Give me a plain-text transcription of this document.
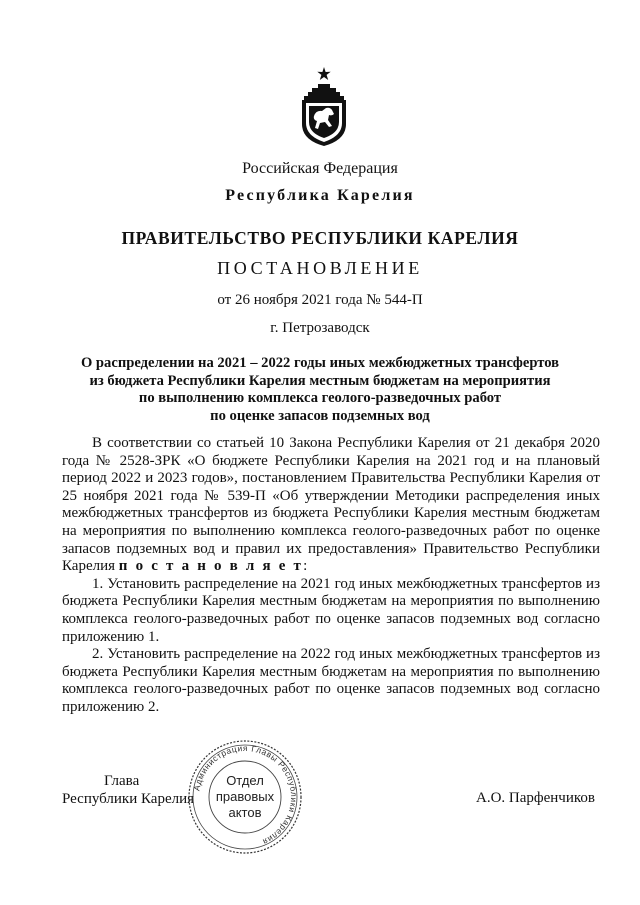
Российская Федерация
Республика Карелия
ПРАВИТЕЛЬСТВО РЕСПУБЛИКИ КАРЕЛИЯ
ПОСТАНОВЛЕНИЕ
от 26 ноября 2021 года № 544-П
г. Петрозаводск
О распределении на 2021 – 2022 годы иных межбюджетных трансфертов
из бюджета Республики Карелия местным бюджетам на мероприятия
по выполнению комплекса геолого-разведочных работ
по оценке запасов подземных вод

В соответствии со статьей 10 Закона Республики Карелия от 21 декабря 2020 года № 2528-ЗРК «О бюджете Республики Карелия на 2021 год и на плановый период 2022 и 2023 годов», постановлением Правительства Республики Карелия от 25 ноября 2021 года № 539-П «Об утверждении Методики распределения иных межбюджетных трансфертов из бюджета Республики Карелия местным бюджетам на мероприятия по выполнению комплекса геолого-разведочных работ по оценке запасов подземных вод и правил их предоставления» Правительство Республики Карелия п о с т а н о в л я е т:

1. Установить распределение на 2021 год иных межбюджетных трансфертов из бюджета Республики Карелия местным бюджетам на мероприятия по выполнению комплекса геолого-разведочных работ по оценке запасов подземных вод согласно приложению 1.

2. Установить распределение на 2022 год иных межбюджетных трансфертов из бюджета Республики Карелия местным бюджетам на мероприятия по выполнению комплекса геолого-разведочных работ по оценке запасов подземных вод согласно приложению 2.

Глава
Республики Карелия	А.О. Парфенчиков
Администрация Главы Республики Карелия
Отдел
правовых
актов
